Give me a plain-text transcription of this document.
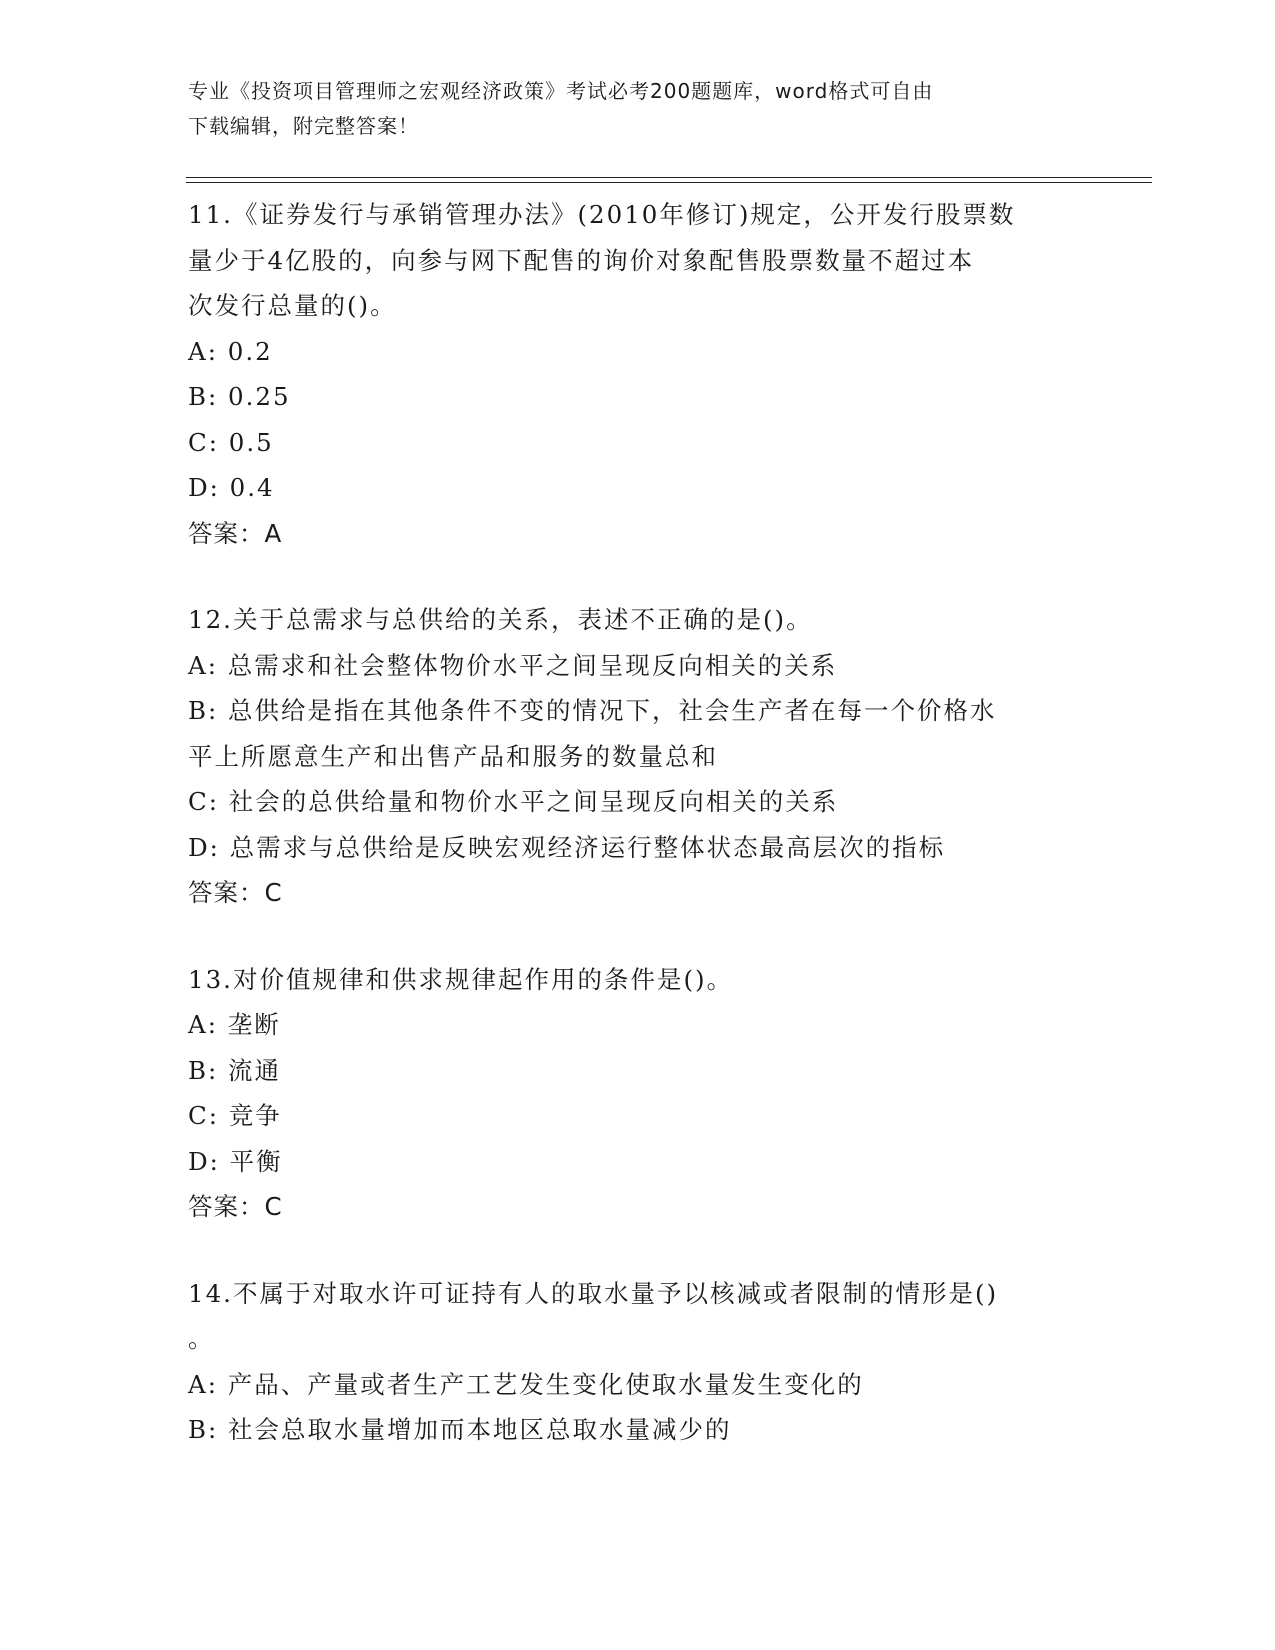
专业《投资项目管理师之宏观经济政策》考试必考200题题库，word格式可自由
下载编辑，附完整答案！
11.《证券发行与承销管理办法》(2010年修订)规定，公开发行股票数
量少于4亿股的，向参与网下配售的询价对象配售股票数量不超过本
次发行总量的()。
A: 0.2
B: 0.25
C: 0.5
D: 0.4
答案：A
12.关于总需求与总供给的关系，表述不正确的是()。
A: 总需求和社会整体物价水平之间呈现反向相关的关系
B: 总供给是指在其他条件不变的情况下，社会生产者在每一个价格水
平上所愿意生产和出售产品和服务的数量总和
C: 社会的总供给量和物价水平之间呈现反向相关的关系
D: 总需求与总供给是反映宏观经济运行整体状态最高层次的指标
答案：C
13.对价值规律和供求规律起作用的条件是()。
A: 垄断
B: 流通
C: 竞争
D: 平衡
答案：C
14.不属于对取水许可证持有人的取水量予以核减或者限制的情形是()
。
A: 产品、产量或者生产工艺发生变化使取水量发生变化的
B: 社会总取水量增加而本地区总取水量减少的
